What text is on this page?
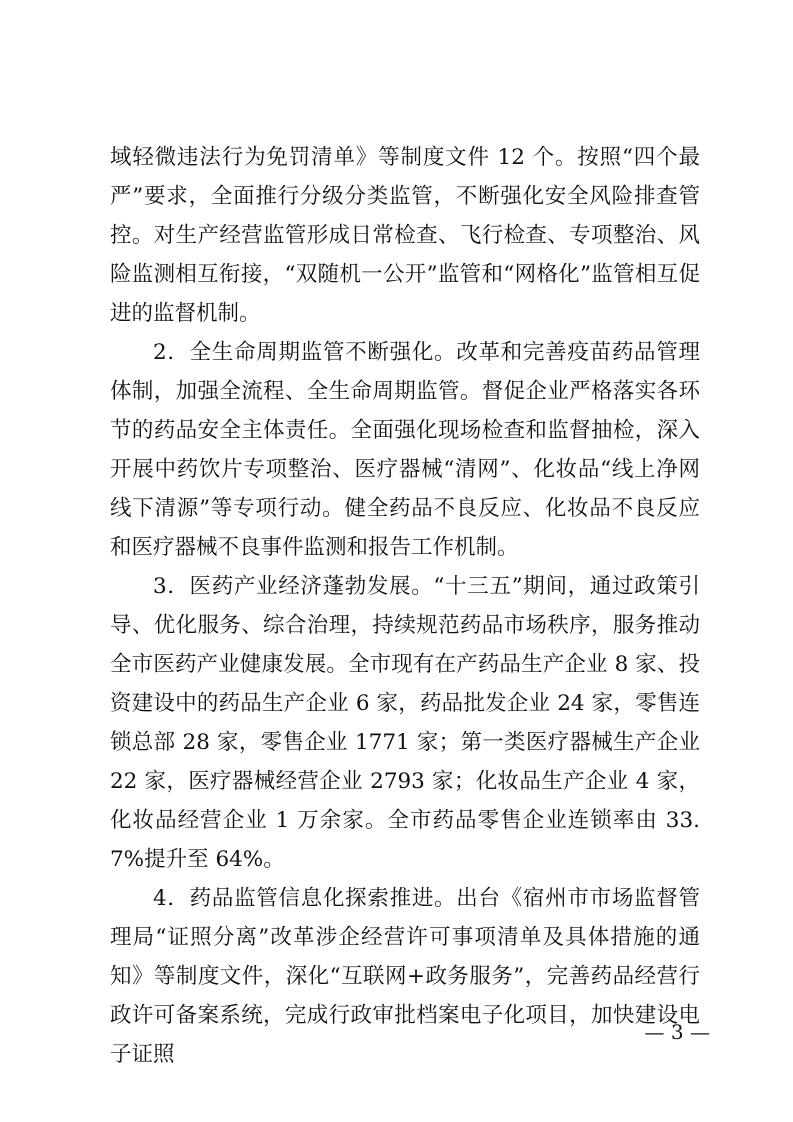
域轻微违法行为免罚清单》等制度文件 12 个。按照“四个最严”要求，全面推行分级分类监管，不断强化安全风险排查管控。对生产经营监管形成日常检查、飞行检查、专项整治、风险监测相互衔接，“双随机一公开”监管和“网格化”监管相互促进的监督机制。

2．全生命周期监管不断强化。改革和完善疫苗药品管理体制，加强全流程、全生命周期监管。督促企业严格落实各环节的药品安全主体责任。全面强化现场检查和监督抽检，深入开展中药饮片专项整治、医疗器械“清网”、化妆品“线上净网线下清源”等专项行动。健全药品不良反应、化妆品不良反应和医疗器械不良事件监测和报告工作机制。

3．医药产业经济蓬勃发展。“十三五”期间，通过政策引导、优化服务、综合治理，持续规范药品市场秩序，服务推动全市医药产业健康发展。全市现有在产药品生产企业 8 家、投资建设中的药品生产企业 6 家，药品批发企业 24 家，零售连锁总部 28 家，零售企业 1771 家；第一类医疗器械生产企业 22 家，医疗器械经营企业 2793 家；化妆品生产企业 4 家，化妆品经营企业 1 万余家。全市药品零售企业连锁率由 33.7%提升至 64%。

4．药品监管信息化探索推进。出台《宿州市市场监督管理局“证照分离”改革涉企经营许可事项清单及具体措施的通知》等制度文件，深化“互联网+政务服务”，完善药品经营行政许可备案系统，完成行政审批档案电子化项目，加快建设电子证照

— 3 —
